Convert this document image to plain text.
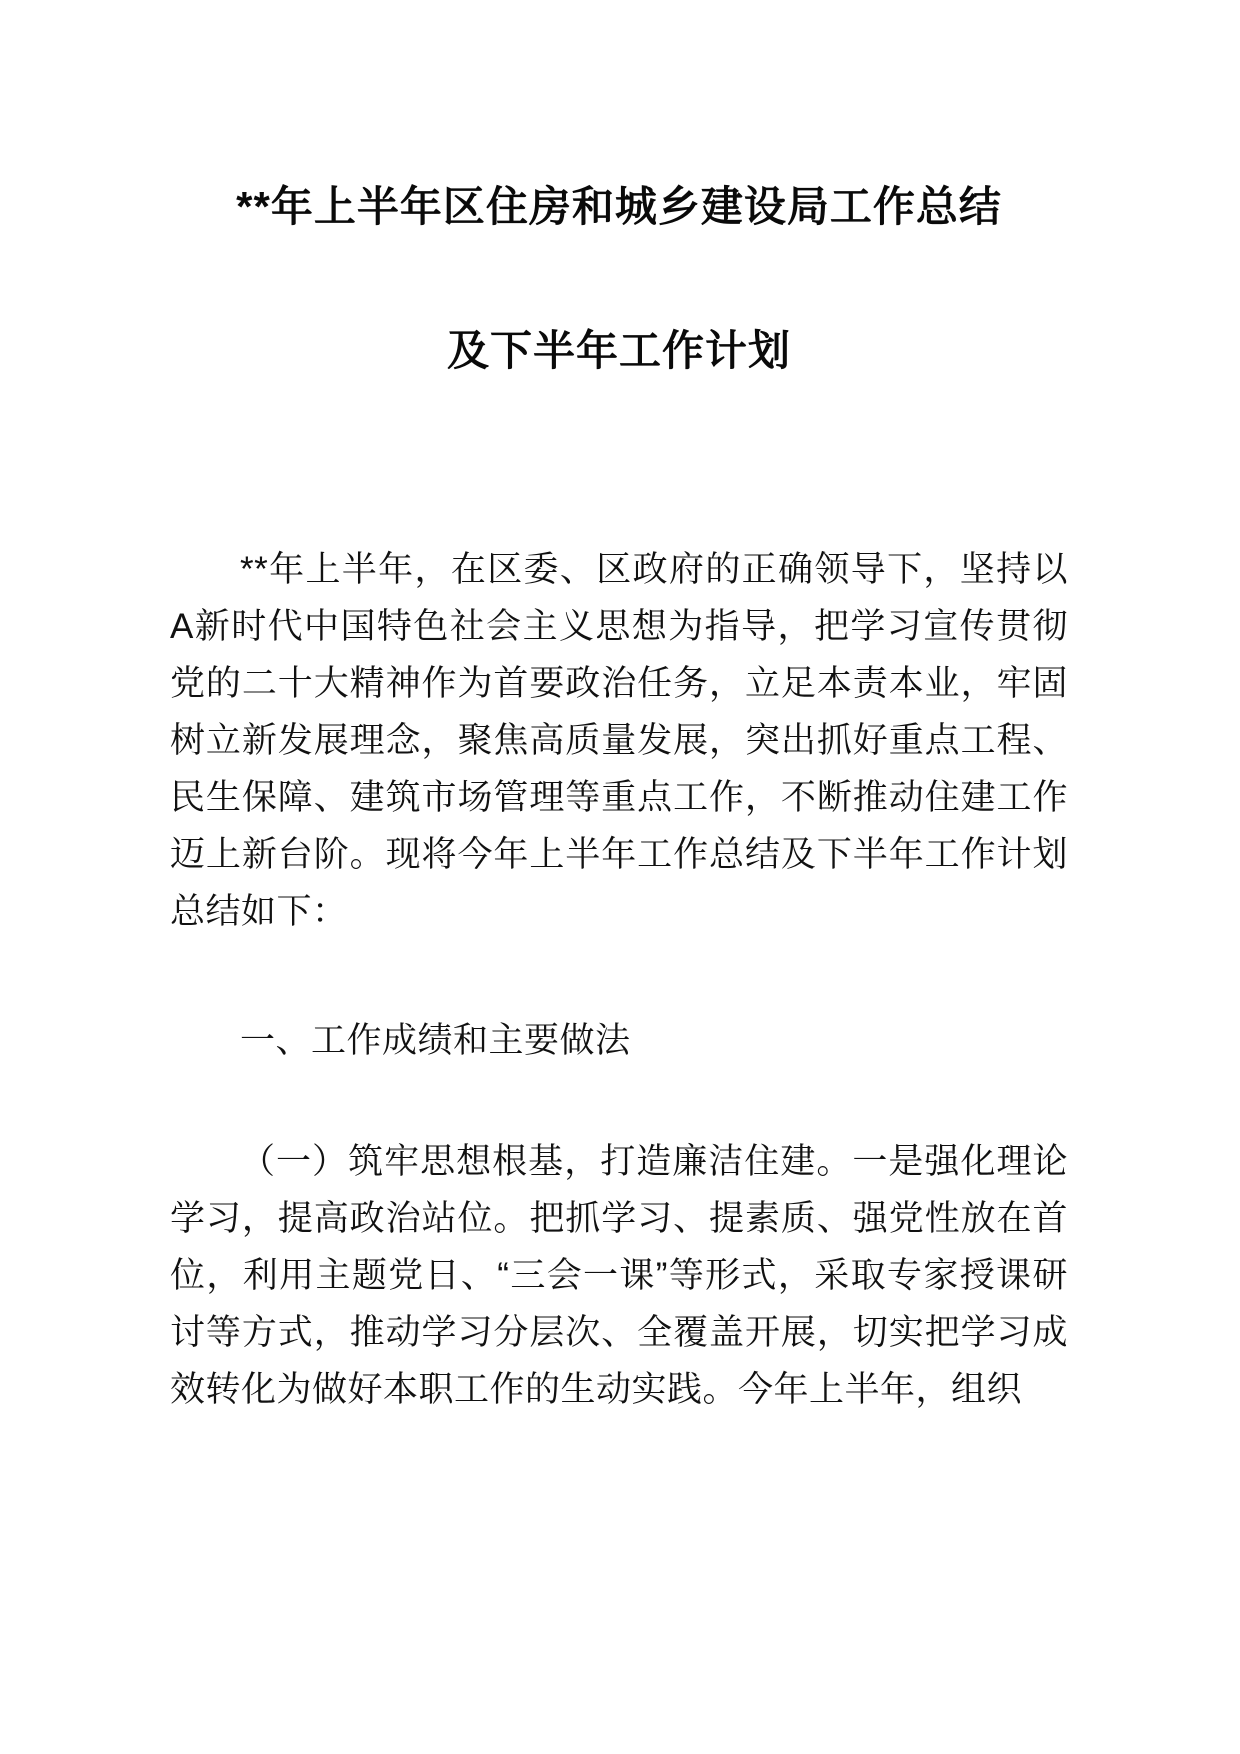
**年上半年区住房和城乡建设局工作总结
及下半年工作计划

**年上半年，在区委、区政府的正确领导下，坚持以A新时代中国特色社会主义思想为指导，把学习宣传贯彻党的二十大精神作为首要政治任务，立足本责本业，牢固树立新发展理念，聚焦高质量发展，突出抓好重点工程、民生保障、建筑市场管理等重点工作，不断推动住建工作迈上新台阶。现将今年上半年工作总结及下半年工作计划总结如下：

一、工作成绩和主要做法

（一）筑牢思想根基，打造廉洁住建。一是强化理论学习，提高政治站位。把抓学习、提素质、强党性放在首位，利用主题党日、“三会一课”等形式，采取专家授课研讨等方式，推动学习分层次、全覆盖开展，切实把学习成效转化为做好本职工作的生动实践。今年上半年，组织
